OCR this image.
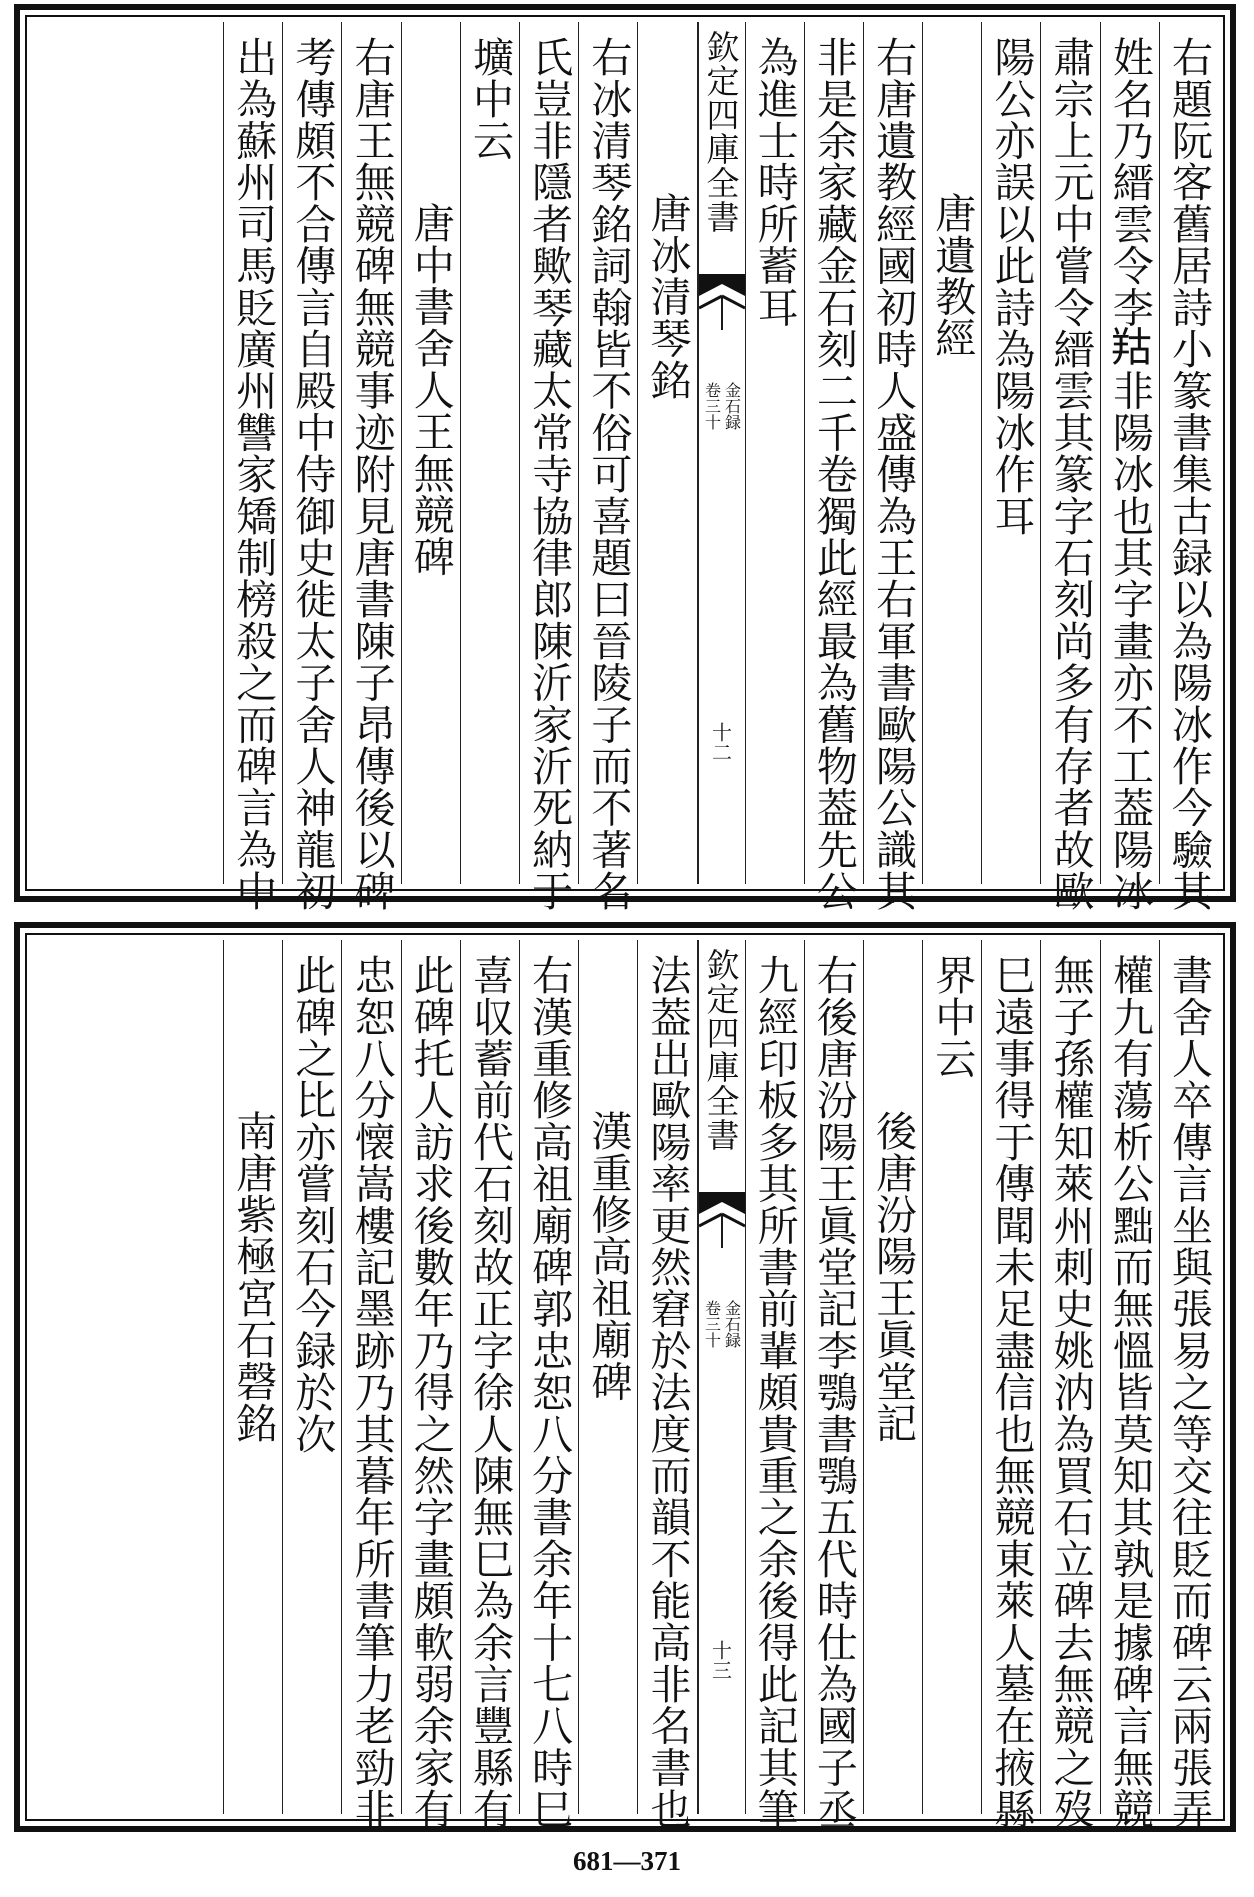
右題阮客舊居詩小篆書集古録以為陽冰作今驗其
姓名乃縉雲令李𦍩非陽冰也其字畫亦不工葢陽冰
肅宗上元中嘗令縉雲其篆字石刻尚多有存者故歐
陽公亦誤以此詩為陽冰作耳
唐遺教經
右唐遺教經國初時人盛傳為王右軍書歐陽公識其
非是余家藏金石刻二千卷獨此經最為舊物葢先公
為進士時所蓄耳
欽定四庫全書
金石録
卷三十
十二
唐冰清琴銘
右冰清琴銘詞翰皆不俗可喜題曰晉陵子而不著名
氏豈非隱者歟琴藏太常寺協律郎陳沂家沂死納于
壙中云
唐中書舍人王無競碑
右唐王無競碑無競事迹附見唐書陳子昂傳後以碑
考傳頗不合傳言自殿中侍御史徙太子舍人神龍初
出為蘇州司馬貶廣州讐家矯制榜殺之而碑言為中
書舍人卒傳言坐與張易之等交往貶而碑云兩張弄
權九有蕩析公黜而無慍皆莫知其孰是據碑言無競
無子孫權知萊州刺史姚汭為買石立碑去無競之歿
巳遠事得于傳聞未足盡信也無競東萊人墓在掖縣
界中云
後唐汾陽王眞堂記
右後唐汾陽王眞堂記李鶚書鶚五代時仕為國子丞
九經印板多其所書前輩頗貴重之余後得此記其筆
欽定四庫全書
金石録
卷三十
十三
法葢出歐陽率更然窘於法度而韻不能高非名書也
漢重修高祖廟碑
右漢重修高祖廟碑郭忠恕八分書余年十七八時巳
喜収蓄前代石刻故正字徐人陳無巳為余言豐縣有
此碑托人訪求後數年乃得之然字畫頗軟弱余家有
忠恕八分懐嵩樓記墨跡乃其暮年所書筆力老勁非
此碑之比亦嘗刻石今録於次
南唐紫極宮石磬銘
681—371
